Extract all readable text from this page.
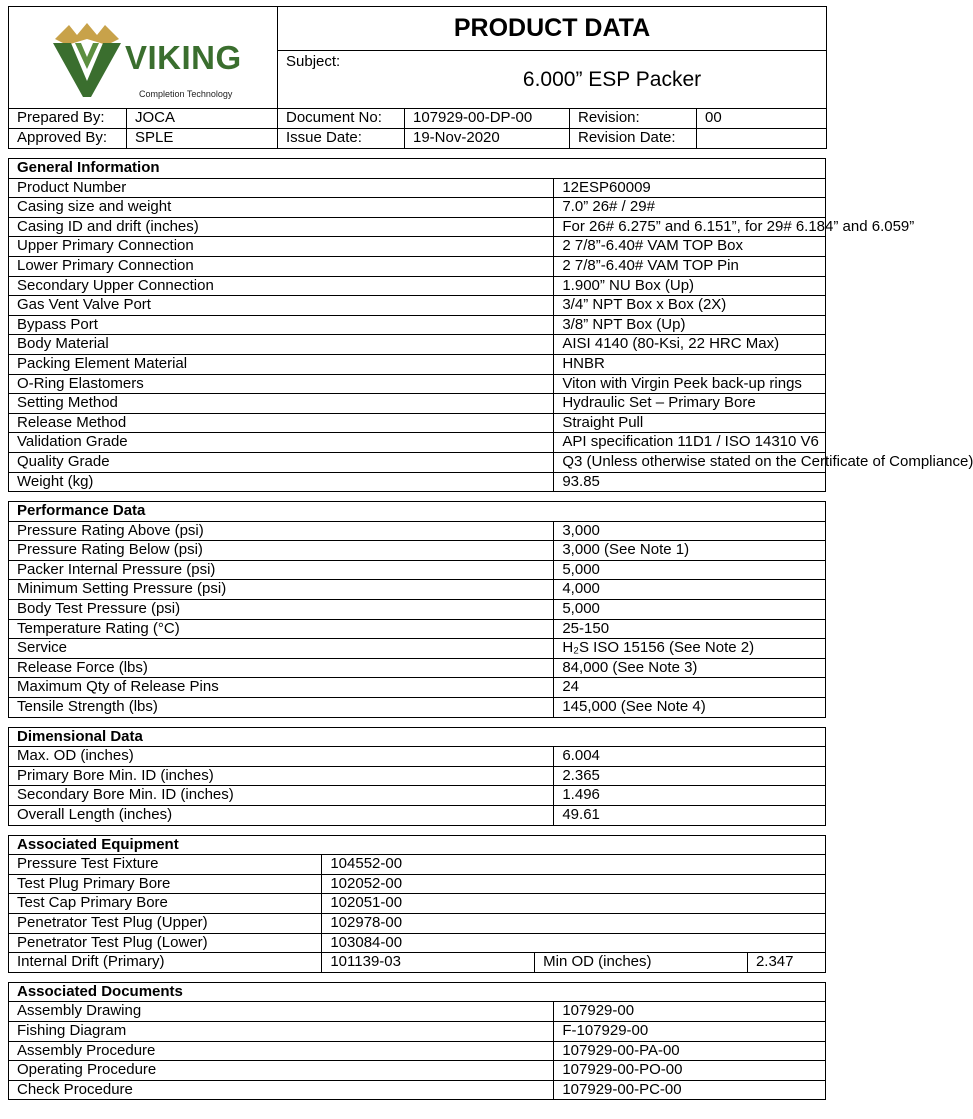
VIKING
Completion Technology
	PRODUCT DATA

Subject:
6.000” ESP Packer
Prepared By:	JOCA	Document No:	107929-00-DP-00	Revision:	00
Approved By:	SPLE	Issue Date:	19-Nov-2020	Revision Date:	
General Information	
Product Number	12ESP60009
Casing size and weight	7.0” 26# / 29#
Casing ID and drift (inches)	For 26# 6.275” and 6.151”, for 29# 6.184” and 6.059”
Upper Primary Connection	2 7/8”-6.40# VAM TOP Box
Lower Primary Connection	2 7/8”-6.40# VAM TOP Pin
Secondary Upper Connection	1.900” NU Box (Up)
Gas Vent Valve Port	3/4” NPT Box x Box (2X)
Bypass Port	3/8” NPT Box (Up)
Body Material	AISI 4140 (80-Ksi, 22 HRC Max)
Packing Element Material	HNBR
O-Ring Elastomers	Viton with Virgin Peek back-up rings
Setting Method	Hydraulic Set – Primary Bore
Release Method	Straight Pull
Validation Grade	API specification 11D1 / ISO 14310 V6
Quality Grade	Q3 (Unless otherwise stated on the Certificate of Compliance)
Weight (kg)	93.85
Performance Data	
Pressure Rating Above (psi)	3,000
Pressure Rating Below (psi)	3,000 (See Note 1)
Packer Internal Pressure (psi)	5,000
Minimum Setting Pressure (psi)	4,000
Body Test Pressure (psi)	5,000
Temperature Rating (°C)	25-150
Service	H₂S ISO 15156 (See Note 2)
Release Force (lbs)	84,000 (See Note 3)
Maximum Qty of Release Pins	24
Tensile Strength (lbs)	145,000 (See Note 4)
Dimensional Data	
Max. OD (inches)	6.004
Primary Bore Min. ID (inches)	2.365
Secondary Bore Min. ID (inches)	1.496
Overall Length (inches)	49.61
Associated Equipment			
Pressure Test Fixture	104552-00		
Test Plug Primary Bore	102052-00		
Test Cap Primary Bore	102051-00		
Penetrator Test Plug (Upper)	102978-00		
Penetrator Test Plug (Lower)	103084-00		
Internal Drift (Primary)	101139-03	Min OD (inches)	2.347
Associated Documents	
Assembly Drawing	107929-00
Fishing Diagram	F-107929-00
Assembly Procedure	107929-00-PA-00
Operating Procedure	107929-00-PO-00
Check Procedure	107929-00-PC-00
